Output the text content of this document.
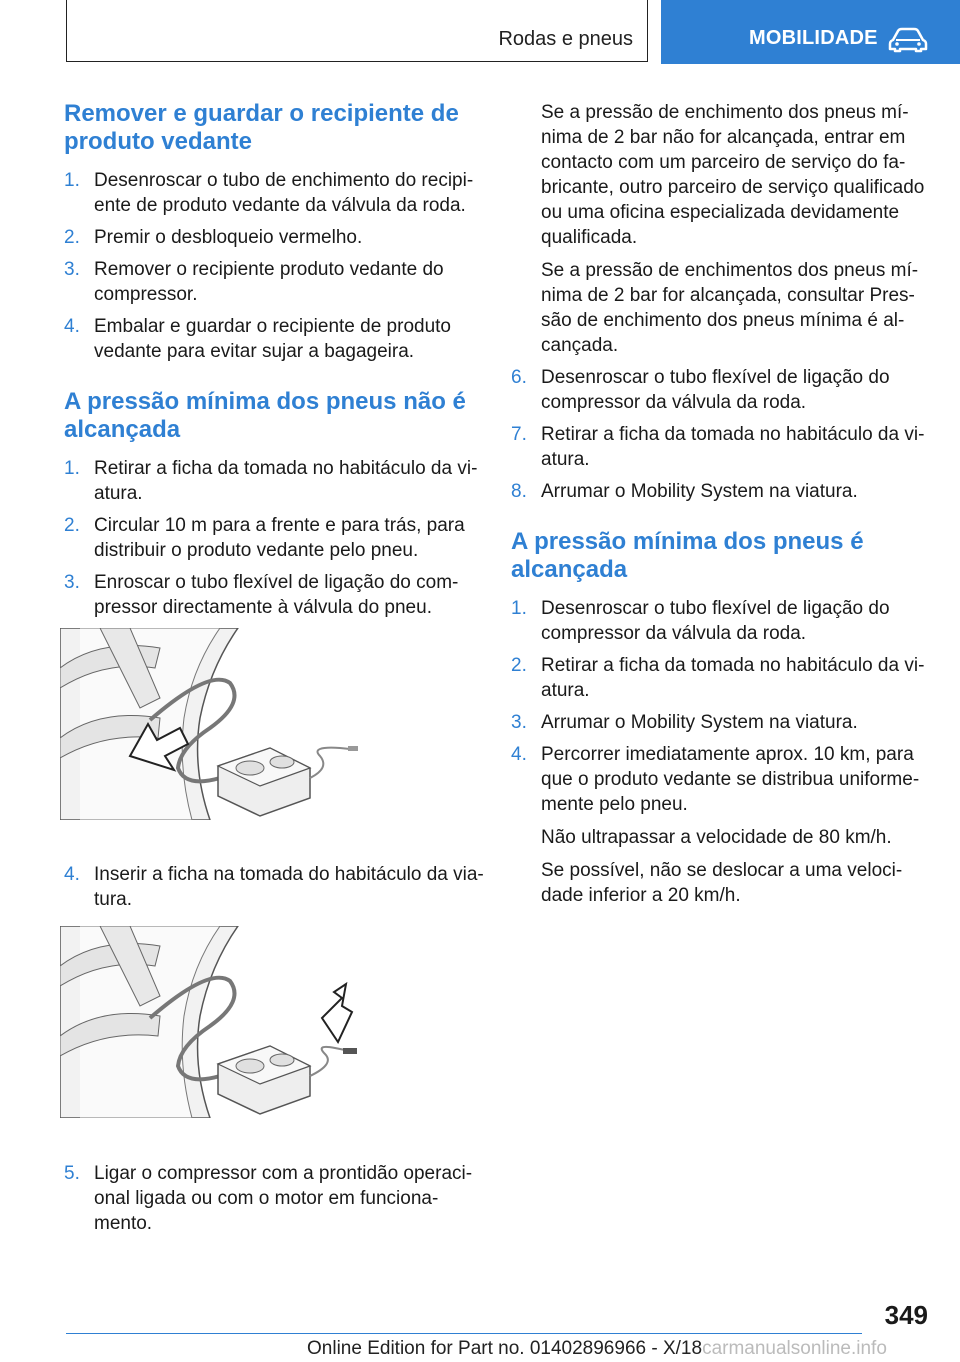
Rodas e pneus	MOBILIDADE
Remover e guardar o recipiente de produto vedante
1. Desenroscar o tubo de enchimento do recipiente de produto vedante da válvula da roda.
2. Premir o desbloqueio vermelho.
3. Remover o recipiente produto vedante do compressor.
4. Embalar e guardar o recipiente de produto vedante para evitar sujar a bagageira.
A pressão mínima dos pneus não é alcançada
1. Retirar a ficha da tomada no habitáculo da viatura.
2. Circular 10 m para a frente e para trás, para distribuir o produto vedante pelo pneu.
3. Enroscar o tubo flexível de ligação do compressor directamente à válvula do pneu.
4. Inserir a ficha na tomada do habitáculo da viatura.
5. Ligar o compressor com a prontidão operacional ligada ou com o motor em funcionamento.

Se a pressão de enchimento dos pneus mínima de 2 bar não for alcançada, entrar em contacto com um parceiro de serviço do fabricante, outro parceiro de serviço qualificado ou uma oficina especializada devidamente qualificada.

Se a pressão de enchimentos dos pneus mínima de 2 bar for alcançada, consultar Pressão de enchimento dos pneus mínima é alcançada.

6. Desenroscar o tubo flexível de ligação do compressor da válvula da roda.
7. Retirar a ficha da tomada no habitáculo da viatura.
8. Arrumar o Mobility System na viatura.
A pressão mínima dos pneus é alcançada
1. Desenroscar o tubo flexível de ligação do compressor da válvula da roda.
2. Retirar a ficha da tomada no habitáculo da viatura.
3. Arrumar o Mobility System na viatura.
4. Percorrer imediatamente aprox. 10 km, para que o produto vedante se distribua uniformemente pelo pneu.

Não ultrapassar a velocidade de 80 km/h.

Se possível, não se deslocar a uma velocidade inferior a 20 km/h.

349
Online Edition for Part no. 01402896966 - X/18carmanualsonline.info
